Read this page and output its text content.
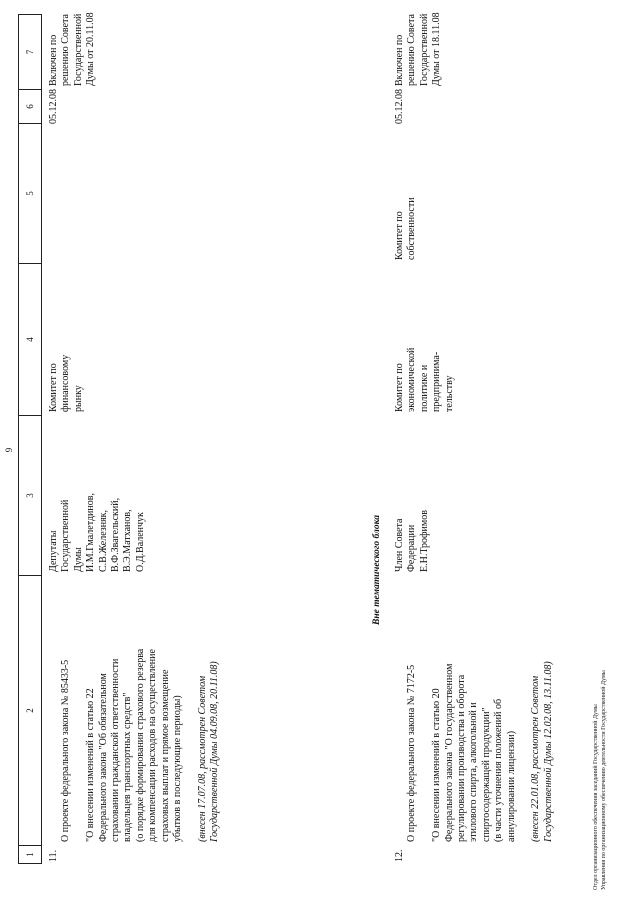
9
1
2
3
4
5
6
7
11.

О проекте федерального закона № 85433-5 "О внесении изменений в статью 22
Федерального закона "Об обязательном
страховании гражданской ответственности
владельцев транспортных средств"
(о порядке формирования страхового резерва
для компенсации расходов на осуществление
страховых выплат и прямое возмещение
убытков в последующие периоды)

(внесен 17.07.08, рассмотрен Советом
Государственной Думы 04.09.08, 20.11.08)

Депутаты
Государственной
Думы
И.М.Гмалетдинов,
С.В.Железняк,
В.Ф.Звагельский,
В.Э.Матханов,
О.Д.Валенчук
Комитет по
финансовому
рынку
05.12.08
Включен по
решению Совета
Государственной
Думы от 20.11.08
Вне тематического блока
12.

О проекте федерального закона № 7172-5 "О внесении изменений в статью 20
Федерального закона "О государственном
регулировании производства и оборота
этилового спирта, алкогольной и
спиртосодержащей продукции"
(в части уточнения положений об
аннулировании лицензии)

(внесен 22.01.08, рассмотрен Советом
Государственной Думы 12.02.08, 13.11.08)

Член Совета
Федерации
Е.Н.Трофимов
Комитет по
экономической
политике и
предпринима-
тельству
Комитет по
собственности
05.12.08
Включен по
решению Совета
Государственной
Думы от 18.11.08
Отдел организационного обеспечения заседаний Государственной Думы
Управления по организационному обеспечению деятельности Государственной Думы
